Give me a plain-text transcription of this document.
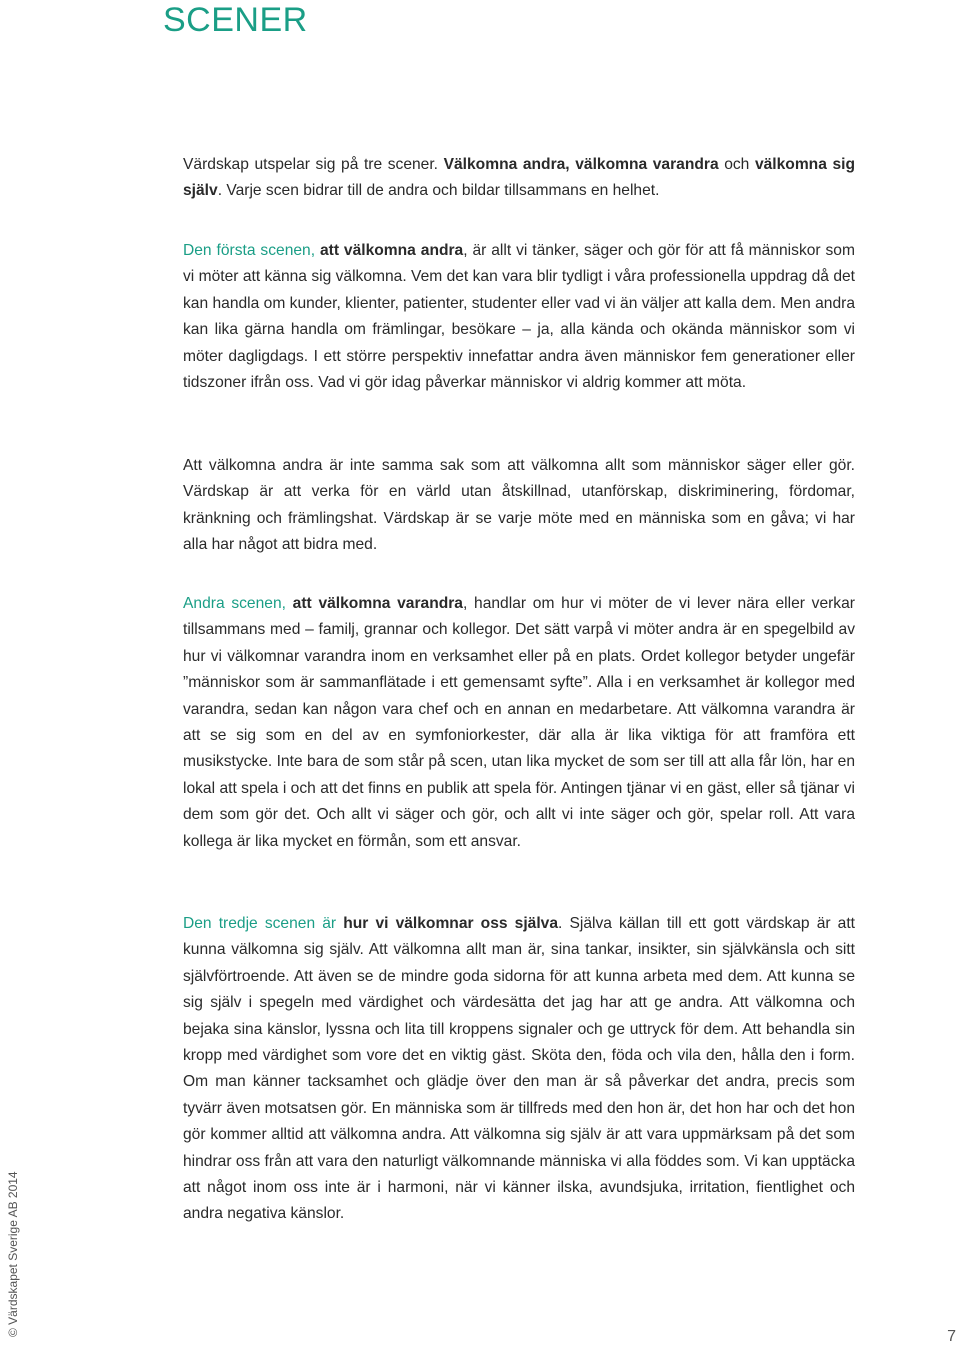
SCENER

Värdskap utspelar sig på tre scener. Välkomna andra, välkomna varandra och välkomna sig själv. Varje scen bidrar till de andra och bildar tillsammans en helhet.

Den första scenen, att välkomna andra, är allt vi tänker, säger och gör för att få människor som vi möter att känna sig välkomna. Vem det kan vara blir tydligt i våra professionella uppdrag då det kan handla om kunder, klienter, patienter, studenter eller vad vi än väljer att kalla dem. Men andra kan lika gärna handla om främlingar, besökare – ja, alla kända och okända människor som vi möter dagligdags. I ett större perspektiv innefattar andra även människor fem generationer eller tidszoner ifrån oss. Vad vi gör idag påverkar människor vi aldrig kommer att möta.

Att välkomna andra är inte samma sak som att välkomna allt som människor säger eller gör. Värdskap är att verka för en värld utan åtskillnad, utanförskap, diskriminering, fördomar, kränkning och främlingshat. Värdskap är se varje möte med en människa som en gåva; vi har alla har något att bidra med.

Andra scenen, att välkomna varandra, handlar om hur vi möter de vi lever nära eller verkar tillsammans med – familj, grannar och kollegor. Det sätt varpå vi möter andra är en spegelbild av hur vi välkomnar varandra inom en verksamhet eller på en plats. Ordet kollegor betyder ungefär ”människor som är sammanflätade i ett gemensamt syfte”. Alla i en verksamhet är kollegor med varandra, sedan kan någon vara chef och en annan en medarbetare. Att välkomna varandra är att se sig som en del av en symfoniorkester, där alla är lika viktiga för att framföra ett musikstycke. Inte bara de som står på scen, utan lika mycket de som ser till att alla får lön, har en lokal att spela i och att det finns en publik att spela för. Antingen tjänar vi en gäst, eller så tjänar vi dem som gör det. Och allt vi säger och gör, och allt vi inte säger och gör, spelar roll. Att vara kollega är lika mycket en förmån, som ett ansvar.

Den tredje scenen är hur vi välkomnar oss själva. Själva källan till ett gott värdskap är att kunna välkomna sig själv. Att välkomna allt man är, sina tankar, insikter, sin självkänsla och sitt självförtroende. Att även se de mindre goda sidorna för att kunna arbeta med dem. Att kunna se sig själv i spegeln med värdighet och värdesätta det jag har att ge andra. Att välkomna och bejaka sina känslor, lyssna och lita till kroppens signaler och ge uttryck för dem. Att behandla sin kropp med värdighet som vore det en viktig gäst. Sköta den, föda och vila den, hålla den i form. Om man känner tacksamhet och glädje över den man är så påverkar det andra, precis som tyvärr även motsatsen gör. En människa som är tillfreds med den hon är, det hon har och det hon gör kommer alltid att välkomna andra. Att välkomna sig själv är att vara uppmärksam på det som hindrar oss från att vara den naturligt välkomnande människa vi alla föddes som. Vi kan upptäcka att något inom oss inte är i harmoni, när vi känner ilska, avundsjuka, irritation, fientlighet och andra negativa känslor.

© Värdskapet Sverige AB 2014	7
